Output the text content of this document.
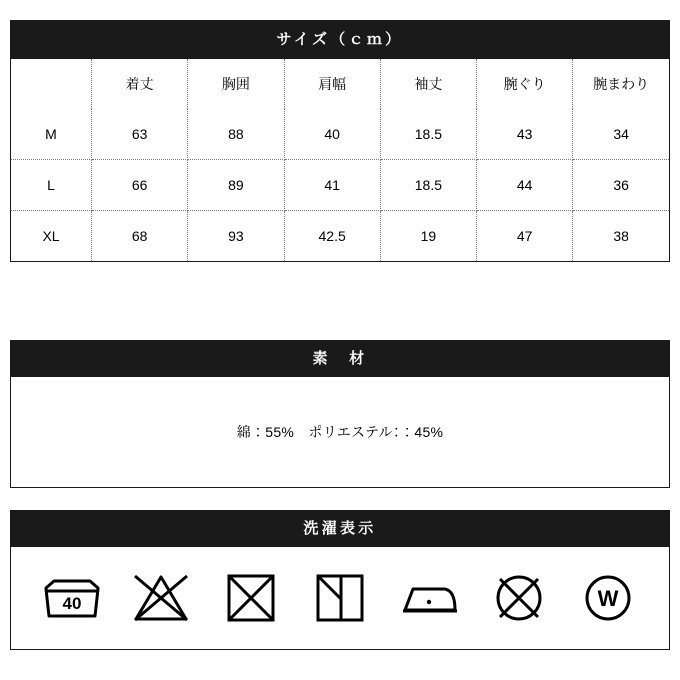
サイズ（ｃｍ）
	着丈	胸囲	肩幅	袖丈	腕ぐり	腕まわり
M	63	88	40	18.5	43	34
L	66	89	41	18.5	44	36
XL	68	93	42.5	19	47	38
素　材
綿：55%　ポリエステル：：45%
洗濯表示
40	W
